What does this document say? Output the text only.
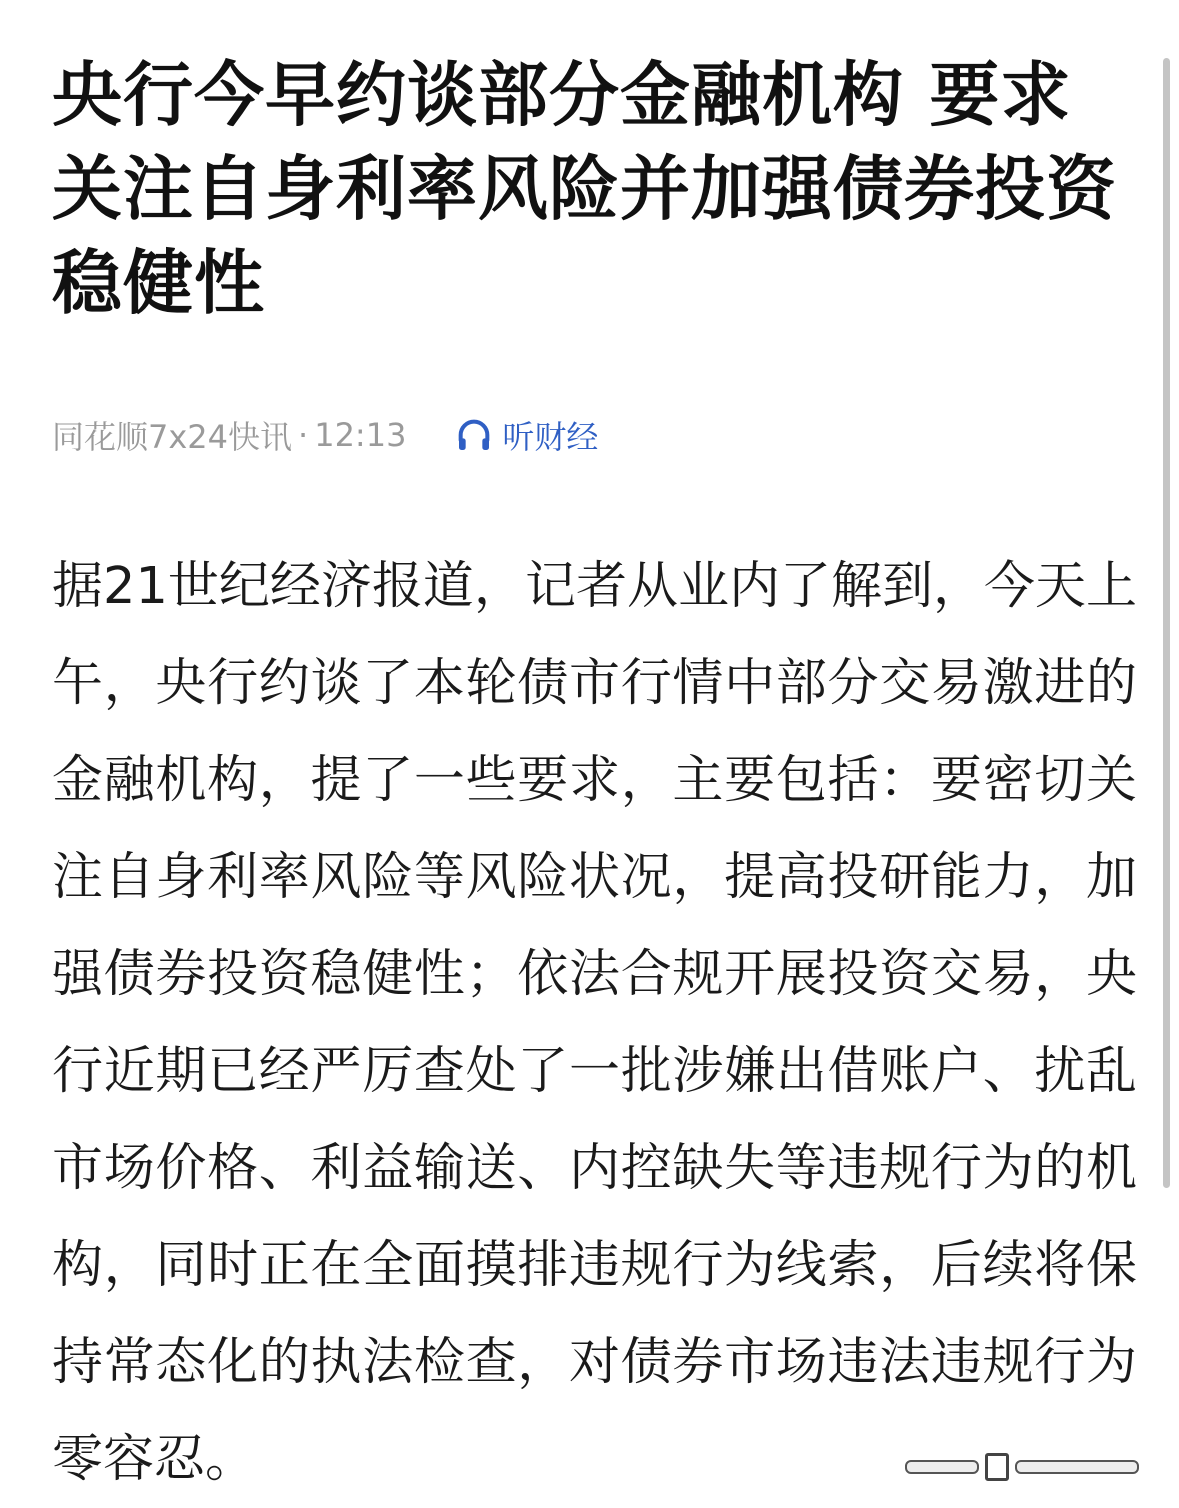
央行今早约谈部分金融机构 要求关注自身利率风险并加强债券投资稳健性
同花顺7x24快讯 · 12:13	听财经

据21世纪经济报道，记者从业内了解到，今天上午，央行约谈了本轮债市行情中部分交易激进的金融机构，提了一些要求，主要包括：要密切关注自身利率风险等风险状况，提高投研能力，加强债券投资稳健性；依法合规开展投资交易，央行近期已经严厉查处了一批涉嫌出借账户、扰乱市场价格、利益输送、内控缺失等违规行为的机构，同时正在全面摸排违规行为线索，后续将保持常态化的执法检查，对债券市场违法违规行为零容忍。
